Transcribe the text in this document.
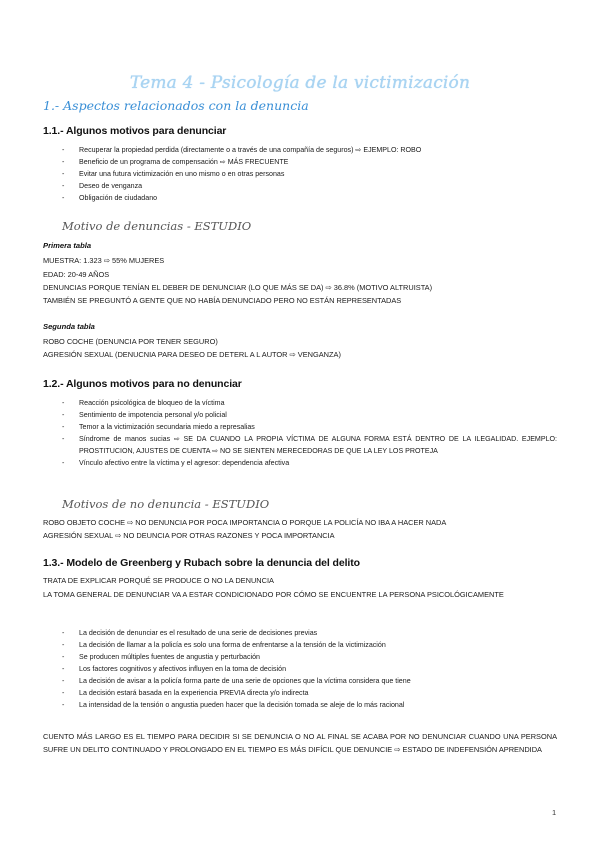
Tema 4 - Psicología de la victimización
1.- Aspectos relacionados con la denuncia
1.1.- Algunos motivos para denunciar
- Recuperar la propiedad perdida (directamente o a través de una compañía de seguros) ⇨ EJEMPLO: ROBO
- Beneficio de un programa de compensación ⇨ MÁS FRECUENTE
- Evitar una futura victimización en uno mismo o en otras personas
- Deseo de venganza
- Obligación de ciudadano
Motivo de denuncias - ESTUDIO
Primera tabla
MUESTRA: 1.323 ⇨ 55% MUJERES
EDAD: 20-49 AÑOS
DENUNCIAS PORQUE TENÍAN EL DEBER DE DENUNCIAR (LO QUE MÁS SE DA) ⇨ 36.8% (MOTIVO ALTRUISTA)
TAMBIÉN SE PREGUNTÓ A GENTE QUE NO HABÍA DENUNCIADO PERO NO ESTÁN REPRESENTADAS
Segunda tabla
ROBO COCHE (DENUNCIA POR TENER SEGURO)
AGRESIÓN SEXUAL (DENUCNIA PARA DESEO DE DETERL A L AUTOR ⇨ VENGANZA)
1.2.- Algunos motivos para no denunciar
- Reacción psicológica de bloqueo de la víctima
- Sentimiento de impotencia personal y/o policial
- Temor a la victimización secundaria miedo a represalias
- Síndrome de manos sucias ⇨ SE DA CUANDO LA PROPIA VÍCTIMA DE ALGUNA FORMA ESTÁ DENTRO DE LA ILEGALIDAD. EJEMPLO: PROSTITUCION, AJUSTES DE CUENTA ⇨ NO SE SIENTEN MERECEDORAS DE QUE LA LEY LOS PROTEJA
- Vínculo afectivo entre la víctima y el agresor: dependencia afectiva
Motivos de no denuncia - ESTUDIO
ROBO OBJETO COCHE ⇨ NO DENUNCIA POR POCA IMPORTANCIA O PORQUE LA POLICÍA NO IBA A HACER NADA
AGRESIÓN SEXUAL ⇨ NO DEUNCIA POR OTRAS RAZONES Y POCA IMPORTANCIA
1.3.- Modelo de Greenberg y Rubach sobre la denuncia del delito
TRATA DE EXPLICAR PORQUÉ SE PRODUCE O NO LA DENUNCIA
LA TOMA GENERAL DE DENUNCIAR VA A ESTAR CONDICIONADO POR CÓMO SE ENCUENTRE LA PERSONA PSICOLÓGICAMENTE
- La decisión de denunciar es el resultado de una serie de decisiones previas
- La decisión de llamar a la policía es solo una forma de enfrentarse a la tensión de la victimización
- Se producen múltiples fuentes de angustia y perturbación
- Los factores cognitivos y afectivos influyen en la toma de decisión
- La decisión de avisar a la policía forma parte de una serie de opciones que la víctima considera que tiene
- La decisión estará basada en la experiencia PREVIA directa y/o indirecta
- La intensidad de la tensión o angustia pueden hacer que la decisión tomada se aleje de lo más racional
CUENTO MÁS LARGO ES EL TIEMPO PARA DECIDIR SI SE DENUNCIA O NO AL FINAL SE ACABA POR NO DENUNCIAR CUANDO UNA PERSONA SUFRE UN DELITO CONTINUADO Y PROLONGADO EN EL TIEMPO ES MÁS DIFÍCIL QUE DENUNCIE ⇨ ESTADO DE INDEFENSIÓN APRENDIDA
1
